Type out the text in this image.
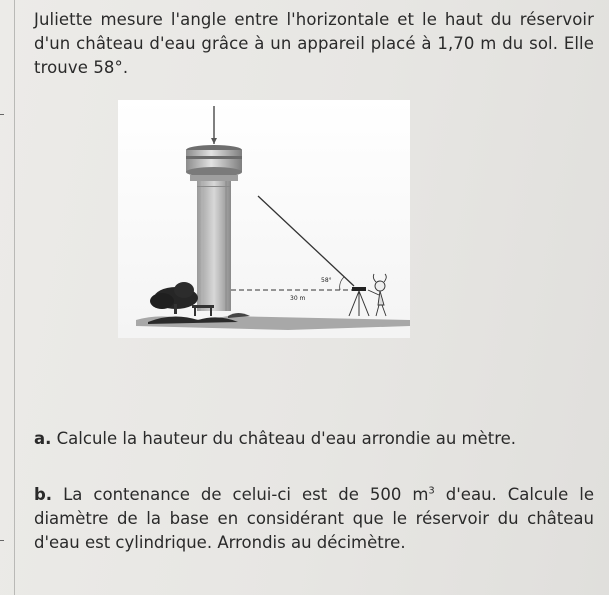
Juliette mesure l'angle entre l'horizontale et le haut du réservoir d'un château d'eau grâce à un appareil placé à 1,70 m du sol. Elle trouve 58°.

58°
30 m

a. Calcule la hauteur du château d'eau arrondie au mètre.

b. La contenance de celui-ci est de 500 $m^3$ d'eau. Calcule le diamètre de la base en considérant que le réservoir du château d'eau est cylindrique. Arrondis au décimètre.
